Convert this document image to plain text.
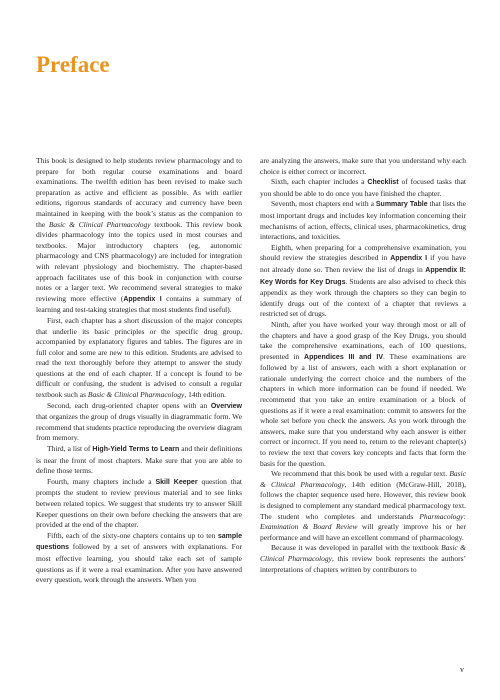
Preface

This book is designed to help students review pharmacology and to prepare for both regular course examinations and board examinations. The twelfth edition has been revised to make such preparation as active and efficient as possible. As with earlier editions, rigorous standards of accuracy and currency have been maintained in keeping with the book’s status as the companion to the Basic & Clinical Pharmacology textbook. This review book divides pharmacology into the topics used in most courses and textbooks. Major introductory chapters (eg, autonomic pharmacology and CNS pharmacology) are included for integration with relevant physiology and biochemistry. The chapter-based approach facilitates use of this book in conjunction with course notes or a larger text. We recommend several strategies to make reviewing more effective (Appendix I contains a summary of learning and test-taking strategies that most students find useful).

First, each chapter has a short discussion of the major concepts that underlie its basic principles or the specific drug group, accompanied by explanatory figures and tables. The figures are in full color and some are new to this edition. Students are advised to read the text thoroughly before they attempt to answer the study questions at the end of each chapter. If a concept is found to be difficult or confusing, the student is advised to consult a regular textbook such as Basic & Clinical Pharmacology, 14th edition.

Second, each drug-oriented chapter opens with an Overview that organizes the group of drugs visually in diagrammatic form. We recommend that students practice reproducing the overview diagram from memory.

Third, a list of High-Yield Terms to Learn and their definitions is near the front of most chapters. Make sure that you are able to define those terms.

Fourth, many chapters include a Skill Keeper question that prompts the student to review previous material and to see links between related topics. We suggest that students try to answer Skill Keeper questions on their own before checking the answers that are provided at the end of the chapter.

Fifth, each of the sixty-one chapters contains up to ten sample questions followed by a set of answers with explanations. For most effective learning, you should take each set of sample questions as if it were a real examination. After you have answered every question, work through the answers. When you

are analyzing the answers, make sure that you understand why each choice is either correct or incorrect.

Sixth, each chapter includes a Checklist of focused tasks that you should be able to do once you have finished the chapter.

Seventh, most chapters end with a Summary Table that lists the most important drugs and includes key information concerning their mechanisms of action, effects, clinical uses, pharmacokinetics, drug interactions, and toxicities.

Eighth, when preparing for a comprehensive examination, you should review the strategies described in Appendix I if you have not already done so. Then review the list of drugs in Appendix II: Key Words for Key Drugs. Students are also advised to check this appendix as they work through the chapters so they can begin to identify drugs out of the context of a chapter that reviews a restricted set of drugs.

Ninth, after you have worked your way through most or all of the chapters and have a good grasp of the Key Drugs, you should take the comprehensive examinations, each of 100 questions, presented in Appendices III and IV. These examinations are followed by a list of answers, each with a short explanation or rationale underlying the correct choice and the numbers of the chapters in which more information can be found if needed. We recommend that you take an entire examination or a block of questions as if it were a real examination: commit to answers for the whole set before you check the answers. As you work through the answers, make sure that you understand why each answer is either correct or incorrect. If you need to, return to the relevant chapter(s) to review the text that covers key concepts and facts that form the basis for the question.

We recommend that this book be used with a regular text. Basic & Clinical Pharmacology, 14th edition (McGraw-Hill, 2018), follows the chapter sequence used here. However, this review book is designed to complement any standard medical pharmacology text. The student who completes and understands Pharmacology: Examination & Board Review will greatly improve his or her performance and will have an excellent command of pharmacology.

Because it was developed in parallel with the textbook Basic & Clinical Pharmacology, this review book represents the authors’ interpretations of chapters written by contributors to

v
